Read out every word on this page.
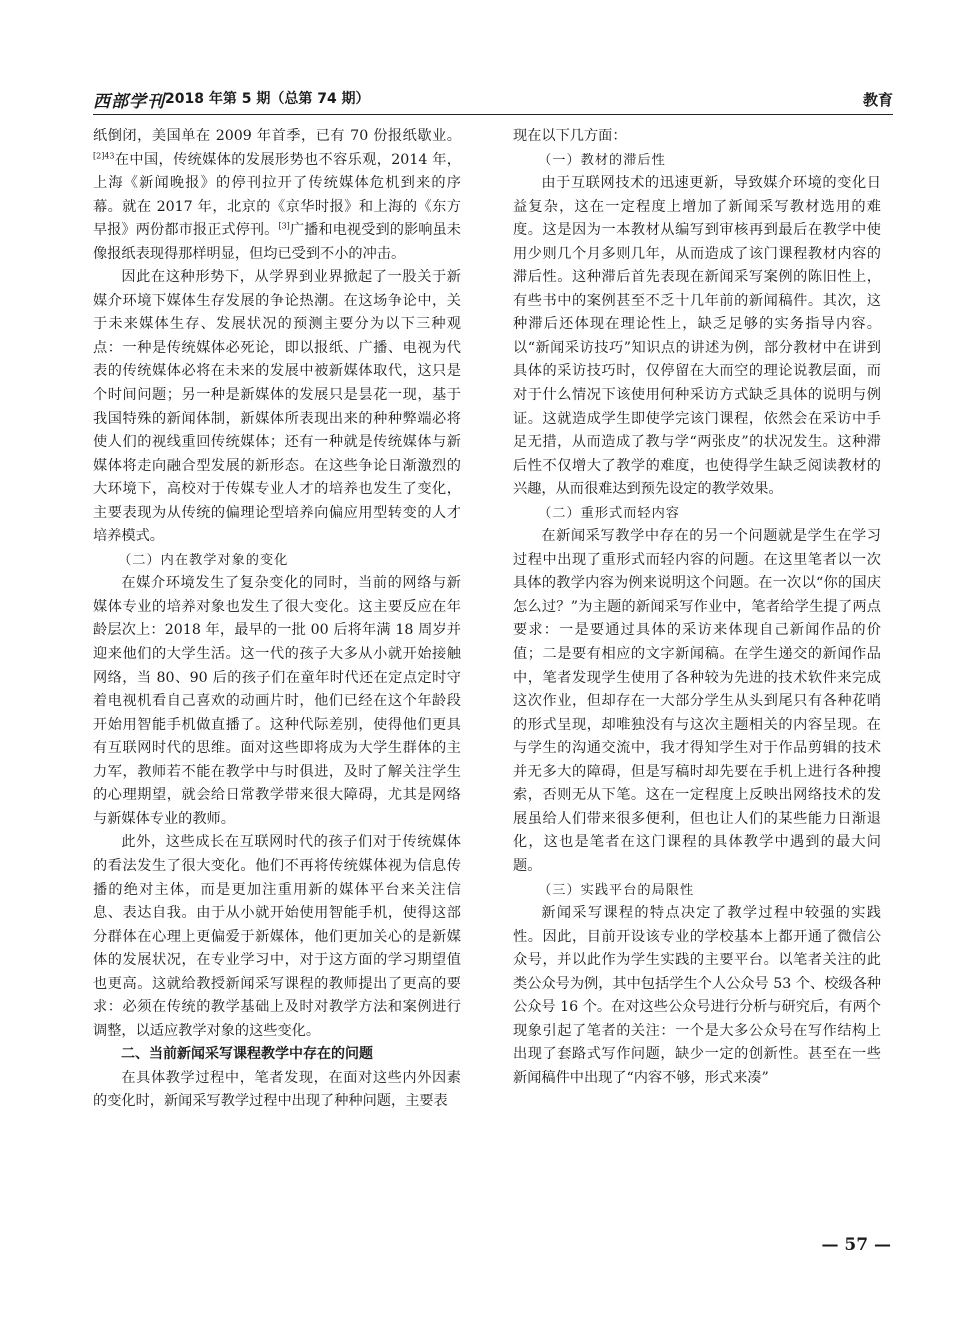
西部学刊 2018 年第 5 期（总第 74 期）	教育

纸倒闭，美国单在 2009 年首季，已有 70 份报纸歇业。$^{[2]43}$在中国，传统媒体的发展形势也不容乐观，2014 年，上海《新闻晚报》的停刊拉开了传统媒体危机到来的序幕。就在 2017 年，北京的《京华时报》和上海的《东方早报》两份都市报正式停刊。[3]广播和电视受到的影响虽未像报纸表现得那样明显，但均已受到不小的冲击。

因此在这种形势下，从学界到业界掀起了一股关于新媒介环境下媒体生存发展的争论热潮。在这场争论中，关于未来媒体生存、发展状况的预测主要分为以下三种观点：一种是传统媒体必死论，即以报纸、广播、电视为代表的传统媒体必将在未来的发展中被新媒体取代，这只是个时间问题；另一种是新媒体的发展只是昙花一现，基于我国特殊的新闻体制，新媒体所表现出来的种种弊端必将使人们的视线重回传统媒体；还有一种就是传统媒体与新媒体将走向融合型发展的新形态。在这些争论日渐激烈的大环境下，高校对于传媒专业人才的培养也发生了变化，主要表现为从传统的偏理论型培养向偏应用型转变的人才培养模式。

（二）内在教学对象的变化

在媒介环境发生了复杂变化的同时，当前的网络与新媒体专业的培养对象也发生了很大变化。这主要反应在年龄层次上：2018 年，最早的一批 00 后将年满 18 周岁并迎来他们的大学生活。这一代的孩子大多从小就开始接触网络，当 80、90 后的孩子们在童年时代还在定点定时守着电视机看自己喜欢的动画片时，他们已经在这个年龄段开始用智能手机做直播了。这种代际差别，使得他们更具有互联网时代的思维。面对这些即将成为大学生群体的主力军，教师若不能在教学中与时俱进，及时了解关注学生的心理期望，就会给日常教学带来很大障碍，尤其是网络与新媒体专业的教师。

此外，这些成长在互联网时代的孩子们对于传统媒体的看法发生了很大变化。他们不再将传统媒体视为信息传播的绝对主体，而是更加注重用新的媒体平台来关注信息、表达自我。由于从小就开始使用智能手机，使得这部分群体在心理上更偏爱于新媒体，他们更加关心的是新媒体的发展状况，在专业学习中，对于这方面的学习期望值也更高。这就给教授新闻采写课程的教师提出了更高的要求：必须在传统的教学基础上及时对教学方法和案例进行调整，以适应教学对象的这些变化。

二、当前新闻采写课程教学中存在的问题

在具体教学过程中，笔者发现，在面对这些内外因素的变化时，新闻采写教学过程中出现了种种问题，主要表

现在以下几方面：

（一）教材的滞后性

由于互联网技术的迅速更新，导致媒介环境的变化日益复杂，这在一定程度上增加了新闻采写教材选用的难度。这是因为一本教材从编写到审核再到最后在教学中使用少则几个月多则几年，从而造成了该门课程教材内容的滞后性。这种滞后首先表现在新闻采写案例的陈旧性上，有些书中的案例甚至不乏十几年前的新闻稿件。其次，这种滞后还体现在理论性上，缺乏足够的实务指导内容。以“新闻采访技巧”知识点的讲述为例，部分教材中在讲到具体的采访技巧时，仅停留在大而空的理论说教层面，而对于什么情况下该使用何种采访方式缺乏具体的说明与例证。这就造成学生即使学完该门课程，依然会在采访中手足无措，从而造成了教与学“两张皮”的状况发生。这种滞后性不仅增大了教学的难度，也使得学生缺乏阅读教材的兴趣，从而很难达到预先设定的教学效果。

（二）重形式而轻内容

在新闻采写教学中存在的另一个问题就是学生在学习过程中出现了重形式而轻内容的问题。在这里笔者以一次具体的教学内容为例来说明这个问题。在一次以“你的国庆怎么过？”为主题的新闻采写作业中，笔者给学生提了两点要求：一是要通过具体的采访来体现自己新闻作品的价值；二是要有相应的文字新闻稿。在学生递交的新闻作品中，笔者发现学生使用了各种较为先进的技术软件来完成这次作业，但却存在一大部分学生从头到尾只有各种花哨的形式呈现，却唯独没有与这次主题相关的内容呈现。在与学生的沟通交流中，我才得知学生对于作品剪辑的技术并无多大的障碍，但是写稿时却先要在手机上进行各种搜索，否则无从下笔。这在一定程度上反映出网络技术的发展虽给人们带来很多便利，但也让人们的某些能力日渐退化，这也是笔者在这门课程的具体教学中遇到的最大问题。

（三）实践平台的局限性

新闻采写课程的特点决定了教学过程中较强的实践性。因此，目前开设该专业的学校基本上都开通了微信公众号，并以此作为学生实践的主要平台。以笔者关注的此类公众号为例，其中包括学生个人公众号 53 个、校级各种公众号 16 个。在对这些公众号进行分析与研究后，有两个现象引起了笔者的关注：一个是大多公众号在写作结构上出现了套路式写作问题，缺少一定的创新性。甚至在一些新闻稿件中出现了“内容不够，形式来凑”

— 57 —
